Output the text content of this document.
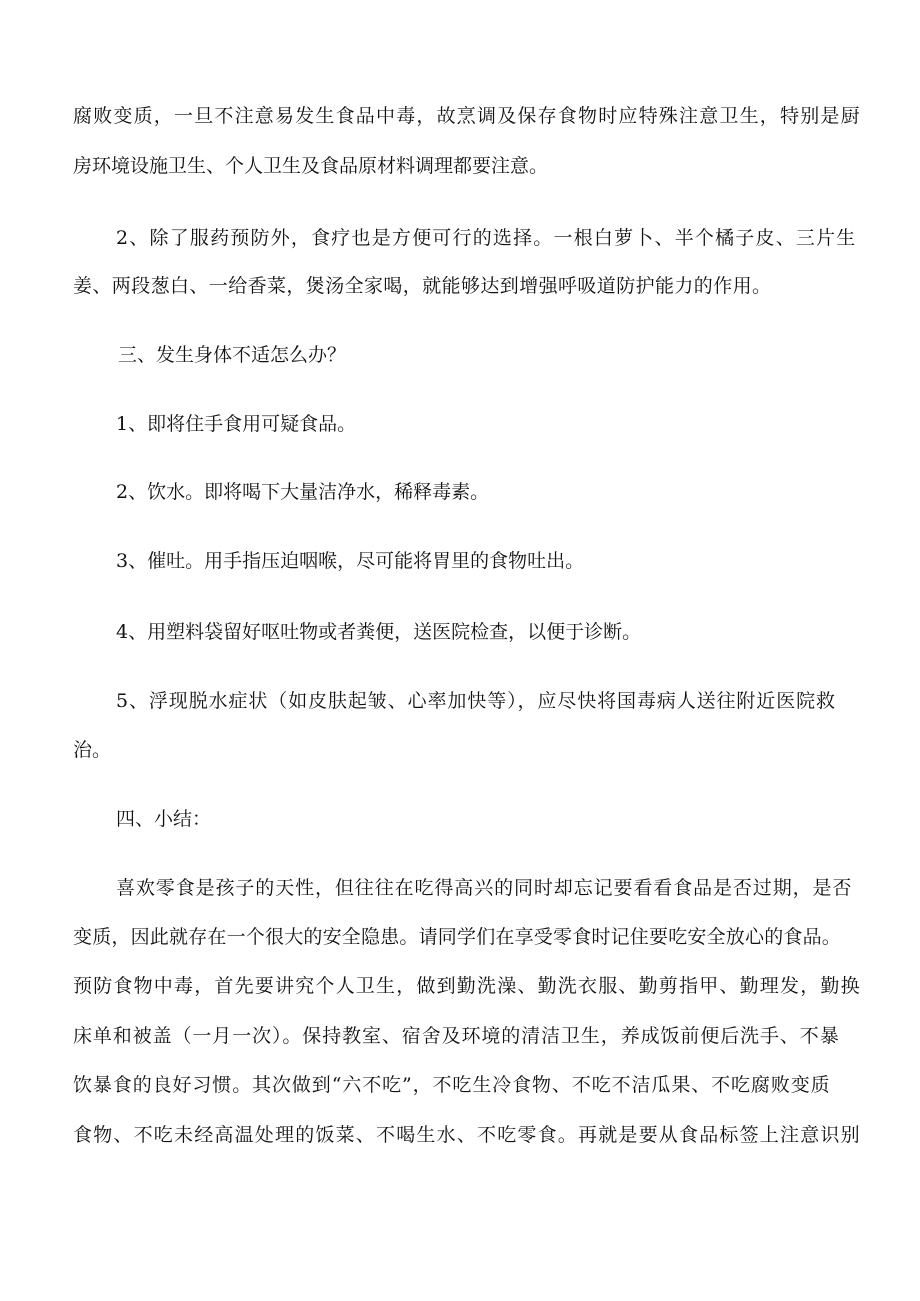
腐败变质，一旦不注意易发生食品中毒，故烹调及保存食物时应特殊注意卫生，特别是厨

房环境设施卫生、个人卫生及食品原材料调理都要注意。

2、除了服药预防外，食疗也是方便可行的选择。一根白萝卜、半个橘子皮、三片生

姜、两段葱白、一给香菜，煲汤全家喝，就能够达到增强呼吸道防护能力的作用。

三、发生身体不适怎么办？

1、即将住手食用可疑食品。

2、饮水。即将喝下大量洁净水，稀释毒素。

3、催吐。用手指压迫咽喉，尽可能将胃里的食物吐出。

4、用塑料袋留好呕吐物或者粪便，送医院检查，以便于诊断。

5、浮现脱水症状（如皮肤起皱、心率加快等），应尽快将国毒病人送往附近医院救

治。

四、小结：

喜欢零食是孩子的天性，但往往在吃得高兴的同时却忘记要看看食品是否过期，是否

变质，因此就存在一个很大的安全隐患。请同学们在享受零食时记住要吃安全放心的食品。

预防食物中毒，首先要讲究个人卫生，做到勤洗澡、勤洗衣服、勤剪指甲、勤理发，勤换

床单和被盖（一月一次）。保持教室、宿舍及环境的清洁卫生，养成饭前便后洗手、不暴

饮暴食的良好习惯。其次做到“六不吃”，不吃生冷食物、不吃不洁瓜果、不吃腐败变质

食物、不吃未经高温处理的饭菜、不喝生水、不吃零食。再就是要从食品标签上注意识别
